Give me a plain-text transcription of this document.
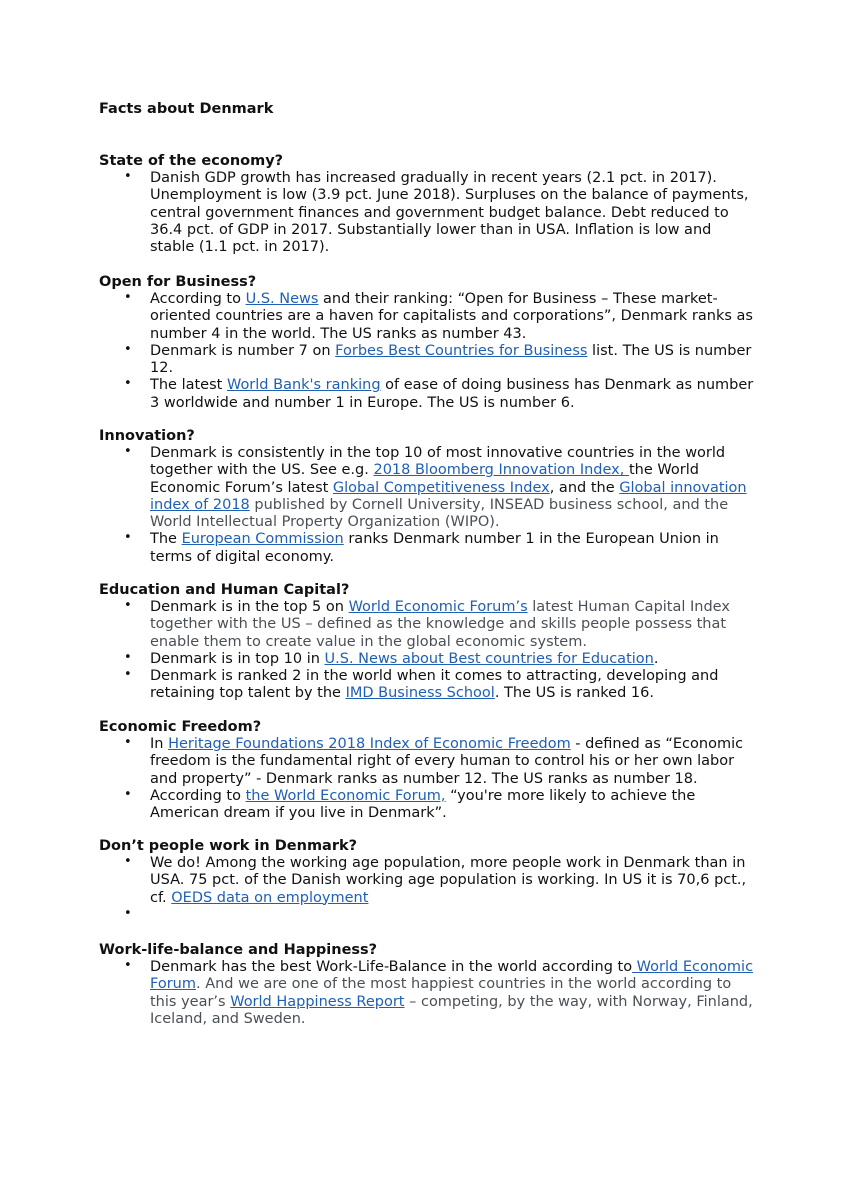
Facts about Denmark
State of the economy?
• Danish GDP growth has increased gradually in recent years (2.1 pct. in 2017). Unemployment is low (3.9 pct. June 2018). Surpluses on the balance of payments, central government finances and government budget balance. Debt reduced to 36.4 pct. of GDP in 2017. Substantially lower than in USA. Inflation is low and stable (1.1 pct. in 2017).
Open for Business?
• According to U.S. News and their ranking: “Open for Business – These market-oriented countries are a haven for capitalists and corporations”, Denmark ranks as number 4 in the world. The US ranks as number 43.
• Denmark is number 7 on Forbes Best Countries for Business list. The US is number 12.
• The latest World Bank's ranking of ease of doing business has Denmark as number 3 worldwide and number 1 in Europe. The US is number 6.
Innovation?
• Denmark is consistently in the top 10 of most innovative countries in the world together with the US. See e.g. 2018 Bloomberg Innovation Index, the World Economic Forum’s latest Global Competitiveness Index, and the Global innovation index of 2018 published by Cornell University, INSEAD business school, and the World Intellectual Property Organization (WIPO).
• The European Commission ranks Denmark number 1 in the European Union in terms of digital economy.
Education and Human Capital?
• Denmark is in the top 5 on World Economic Forum’s latest Human Capital Index together with the US – defined as the knowledge and skills people possess that enable them to create value in the global economic system.
• Denmark is in top 10 in U.S. News about Best countries for Education.
• Denmark is ranked 2 in the world when it comes to attracting, developing and retaining top talent by the IMD Business School. The US is ranked 16.
Economic Freedom?
• In Heritage Foundations 2018 Index of Economic Freedom - defined as “Economic freedom is the fundamental right of every human to control his or her own labor and property” - Denmark ranks as number 12. The US ranks as number 18.
• According to the World Economic Forum, “you're more likely to achieve the American dream if you live in Denmark”.
Don’t people work in Denmark?
• We do! Among the working age population, more people work in Denmark than in USA. 75 pct. of the Danish working age population is working. In US it is 70,6 pct., cf. OEDS data on employment
•
Work-life-balance and Happiness?
• Denmark has the best Work-Life-Balance in the world according to World Economic Forum. And we are one of the most happiest countries in the world according to this year’s World Happiness Report – competing, by the way, with Norway, Finland, Iceland, and Sweden.
